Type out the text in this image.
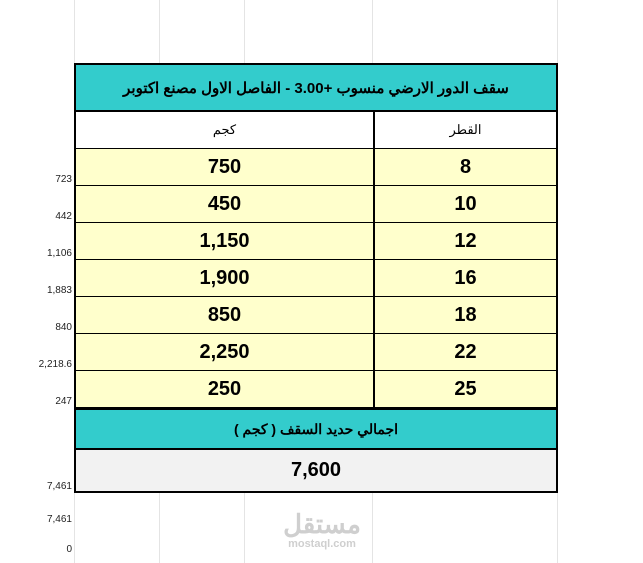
723
442
1,106
1,883
840
2,218.6
247
7,461
7,461
0
سقف الدور الارضي منسوب +3.00 - الفاصل الاول مصنع اكتوبر
كجم	القطر
750	8
450	10
1,150	12
1,900	16
850	18
2,250	22
250	25
اجمالي حديد السقف ( كجم )
7,600
مستقل
mostaql.com
